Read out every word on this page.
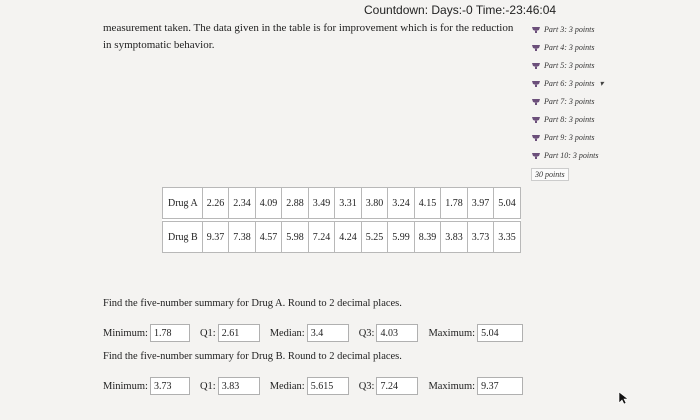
Countdown: Days:-0 Time:-23:46:04
measurement taken. The data given in the table is for improvement which is for the reduction
in symptomatic behavior.
Part 3: 3 points
Part 4: 3 points
Part 5: 3 points
Part 6: 3 points ▾
Part 7: 3 points
Part 8: 3 points
Part 9: 3 points
Part 10: 3 points
30 points
Drug A	2.26	2.34	4.09	2.88	3.49	3.31	3.80	3.24	4.15	1.78	3.97	5.04

Drug B	9.37	7.38	4.57	5.98	7.24	4.24	5.25	5.99	8.39	3.83	3.73	3.35
Find the five-number summary for Drug A. Round to 2 decimal places.
Minimum: 1.78	Q1: 2.61	Median: 3.4	Q3: 4.03	Maximum: 5.04
Find the five-number summary for Drug B. Round to 2 decimal places.
Minimum: 3.73	Q1: 3.83	Median: 5.615	Q3: 7.24	Maximum: 9.37
